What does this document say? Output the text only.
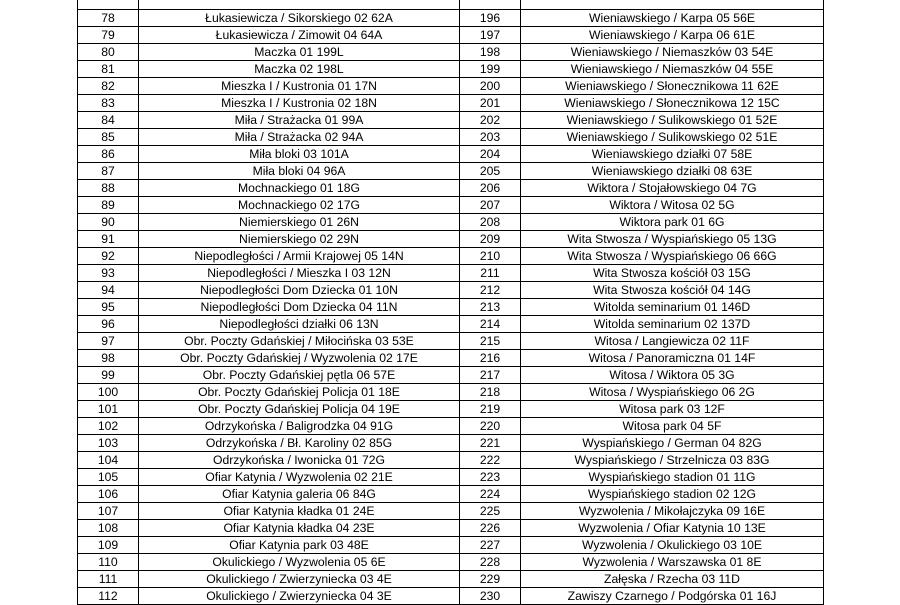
78	Łukasiewicza / Sikorskiego 02 62A	196	Wieniawskiego / Karpa 05 56E
79	Łukasiewicza / Zimowit 04 64A	197	Wieniawskiego / Karpa 06 61E
80	Maczka 01 199L	198	Wieniawskiego / Niemaszków 03 54E
81	Maczka 02 198L	199	Wieniawskiego / Niemaszków 04 55E
82	Mieszka I / Kustronia 01 17N	200	Wieniawskiego / Słonecznikowa 11 62E
83	Mieszka I / Kustronia 02 18N	201	Wieniawskiego / Słonecznikowa 12 15C
84	Miła / Strażacka 01 99A	202	Wieniawskiego / Sulikowskiego 01 52E
85	Miła / Strażacka 02 94A	203	Wieniawskiego / Sulikowskiego 02 51E
86	Miła bloki 03 101A	204	Wieniawskiego działki 07 58E
87	Miła bloki 04 96A	205	Wieniawskiego działki 08 63E
88	Mochnackiego 01 18G	206	Wiktora / Stojałowskiego 04 7G
89	Mochnackiego 02 17G	207	Wiktora / Witosa 02 5G
90	Niemierskiego 01 26N	208	Wiktora park 01 6G
91	Niemierskiego 02 29N	209	Wita Stwosza / Wyspiańskiego 05 13G
92	Niepodległości / Armii Krajowej 05 14N	210	Wita Stwosza / Wyspiańskiego 06 66G
93	Niepodległości / Mieszka I 03 12N	211	Wita Stwosza kościół 03 15G
94	Niepodległości Dom Dziecka 01 10N	212	Wita Stwosza kościół 04 14G
95	Niepodległości Dom Dziecka 04 11N	213	Witolda seminarium 01 146D
96	Niepodległości działki 06 13N	214	Witolda seminarium 02 137D
97	Obr. Poczty Gdańskiej / Miłocińska 03 53E	215	Witosa / Langiewicza 02 11F
98	Obr. Poczty Gdańskiej / Wyzwolenia 02 17E	216	Witosa / Panoramiczna 01 14F
99	Obr. Poczty Gdańskiej pętla 06 57E	217	Witosa / Wiktora 05 3G
100	Obr. Poczty Gdańskiej Policja 01 18E	218	Witosa / Wyspiańskiego 06 2G
101	Obr. Poczty Gdańskiej Policja 04 19E	219	Witosa park 03 12F
102	Odrzykońska / Baligrodzka 04 91G	220	Witosa park 04 5F
103	Odrzykońska / Bł. Karoliny 02 85G	221	Wyspiańskiego / German 04 82G
104	Odrzykońska / Iwonicka 01 72G	222	Wyspiańskiego / Strzelnicza 03 83G
105	Ofiar Katynia / Wyzwolenia 02 21E	223	Wyspiańskiego stadion 01 11G
106	Ofiar Katynia galeria 06 84G	224	Wyspiańskiego stadion 02 12G
107	Ofiar Katynia kładka 01 24E	225	Wyzwolenia / Mikołajczyka 09 16E
108	Ofiar Katynia kładka 04 23E	226	Wyzwolenia / Ofiar Katynia 10 13E
109	Ofiar Katynia park 03 48E	227	Wyzwolenia / Okulickiego 03 10E
110	Okulickiego / Wyzwolenia 05 6E	228	Wyzwolenia / Warszawska 01 8E
111	Okulickiego / Zwierzyniecka 03 4E	229	Załęska / Rzecha 03 11D
112	Okulickiego / Zwierzyniecka 04 3E	230	Zawiszy Czarnego / Podgórska 01 16J
